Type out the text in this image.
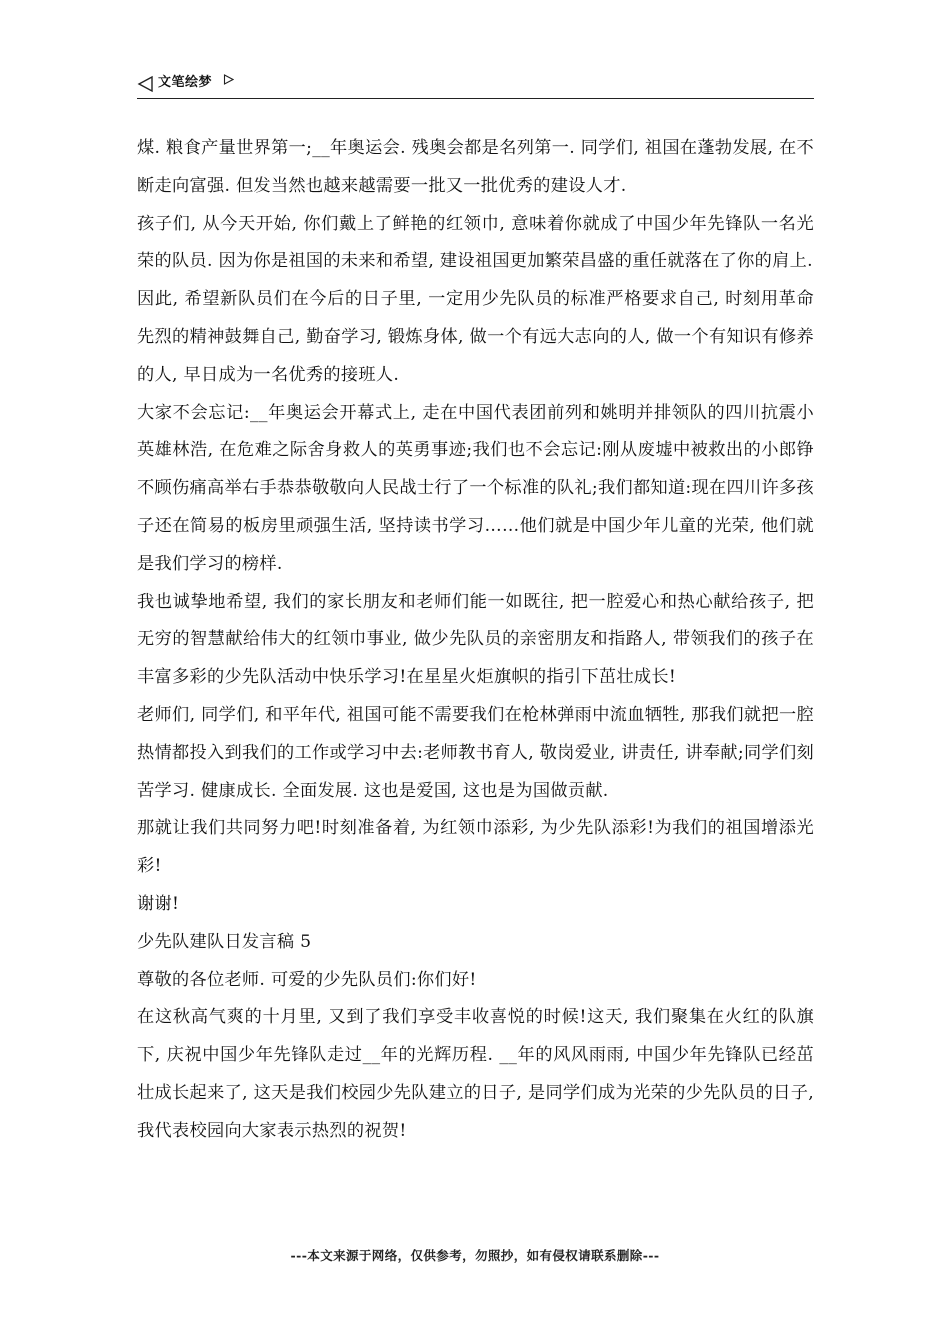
文笔绘梦

煤. 粮食产量世界第一;__年奥运会. 残奥会都是名列第一. 同学们, 祖国在蓬勃发展, 在不断走向富强. 但发当然也越来越需要一批又一批优秀的建设人才.

孩子们, 从今天开始, 你们戴上了鲜艳的红领巾, 意味着你就成了中国少年先锋队一名光荣的队员. 因为你是祖国的未来和希望, 建设祖国更加繁荣昌盛的重任就落在了你的肩上.

因此, 希望新队员们在今后的日子里, 一定用少先队员的标准严格要求自己, 时刻用革命先烈的精神鼓舞自己, 勤奋学习, 锻炼身体, 做一个有远大志向的人, 做一个有知识有修养的人, 早日成为一名优秀的接班人.

大家不会忘记:__年奥运会开幕式上, 走在中国代表团前列和姚明并排领队的四川抗震小英雄林浩, 在危难之际舍身救人的英勇事迹;我们也不会忘记:刚从废墟中被救出的小郎铮不顾伤痛高举右手恭恭敬敬向人民战士行了一个标准的队礼;我们都知道:现在四川许多孩子还在简易的板房里顽强生活, 坚持读书学习……他们就是中国少年儿童的光荣, 他们就是我们学习的榜样.

我也诚挚地希望, 我们的家长朋友和老师们能一如既往, 把一腔爱心和热心献给孩子, 把无穷的智慧献给伟大的红领巾事业, 做少先队员的亲密朋友和指路人, 带领我们的孩子在丰富多彩的少先队活动中快乐学习!在星星火炬旗帜的指引下茁壮成长!

老师们, 同学们, 和平年代, 祖国可能不需要我们在枪林弹雨中流血牺牲, 那我们就把一腔热情都投入到我们的工作或学习中去:老师教书育人, 敬岗爱业, 讲责任, 讲奉献;同学们刻苦学习. 健康成长. 全面发展. 这也是爱国, 这也是为国做贡献.

那就让我们共同努力吧!时刻准备着, 为红领巾添彩, 为少先队添彩!为我们的祖国增添光彩!

谢谢!

少先队建队日发言稿 5

尊敬的各位老师. 可爱的少先队员们:你们好!

在这秋高气爽的十月里, 又到了我们享受丰收喜悦的时候!这天, 我们聚集在火红的队旗下, 庆祝中国少年先锋队走过__年的光辉历程. __年的风风雨雨, 中国少年先锋队已经茁壮成长起来了, 这天是我们校园少先队建立的日子, 是同学们成为光荣的少先队员的日子, 我代表校园向大家表示热烈的祝贺!

---本文来源于网络，仅供参考，勿照抄，如有侵权请联系删除---
